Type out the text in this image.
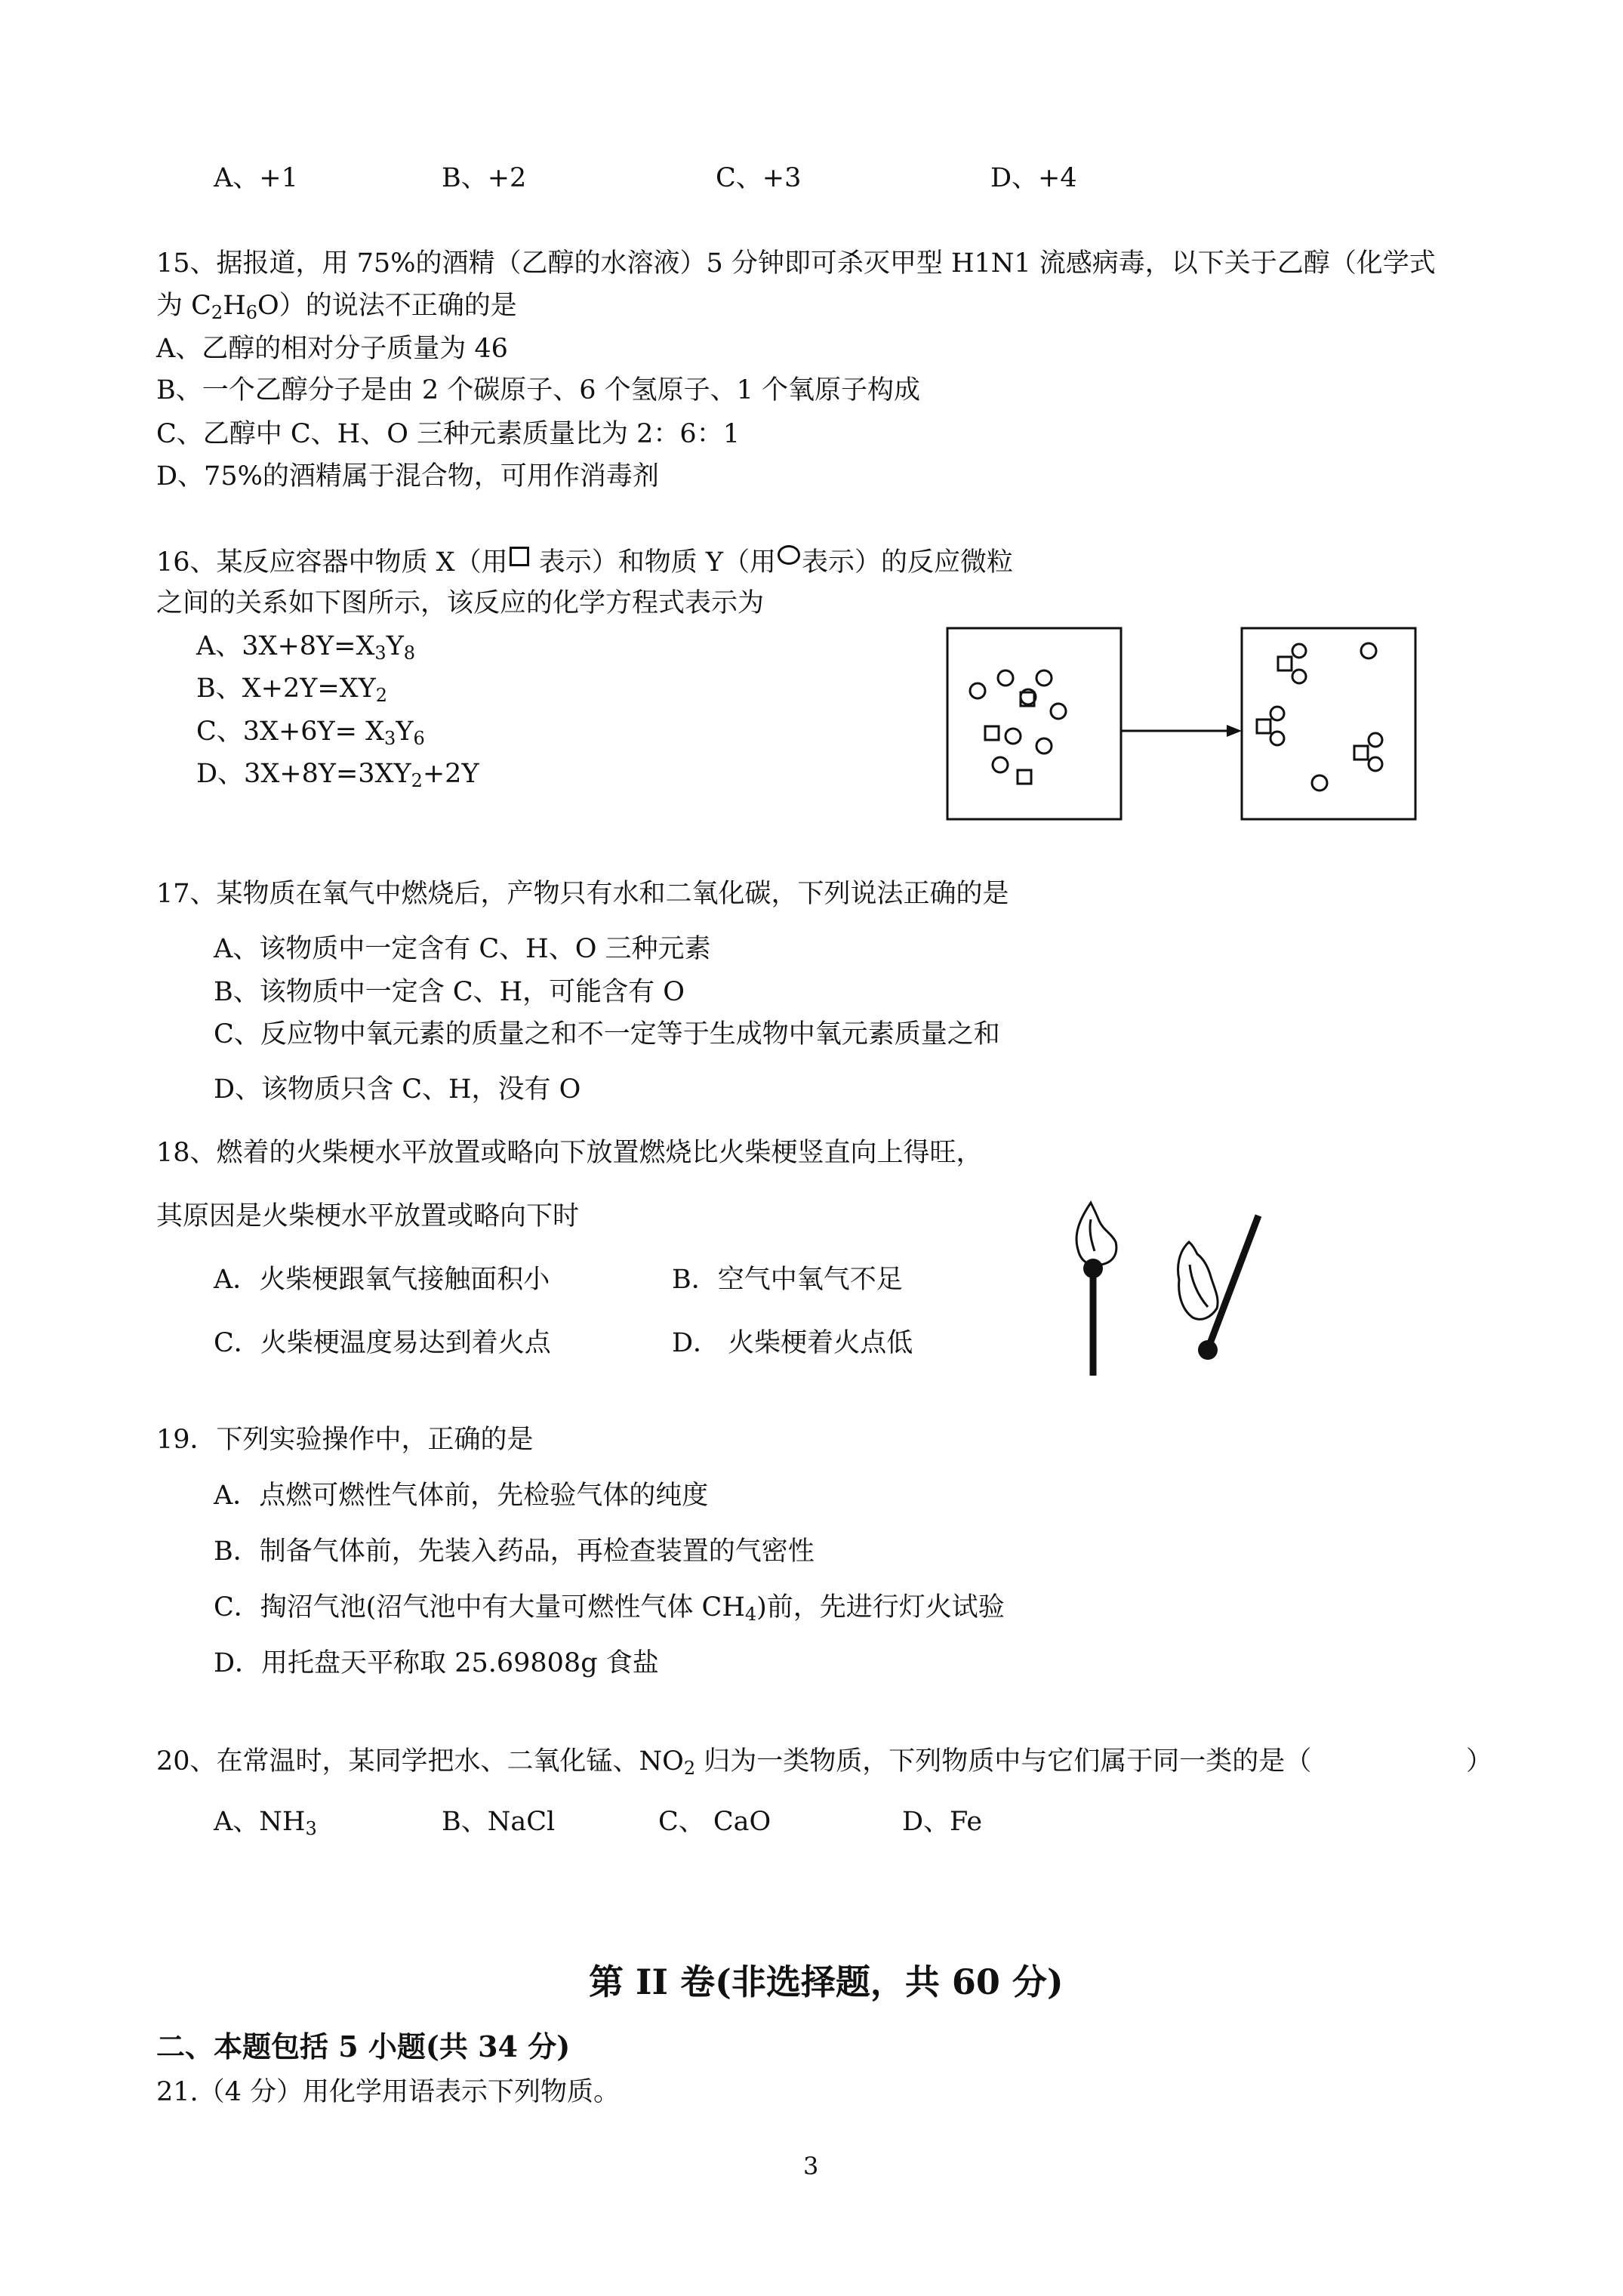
A、+1	B、+2	C、+3	D、+4
15、据报道，用 75%的酒精（乙醇的水溶液）5 分钟即可杀灭甲型 H1N1 流感病毒，以下关于乙醇（化学式
为 $C_2H_6O$）的说法不正确的是
A、乙醇的相对分子质量为 46
B、一个乙醇分子是由 2 个碳原子、6 个氢原子、1 个氧原子构成
C、乙醇中 C、H、O 三种元素质量比为 2：6：1
D、75%的酒精属于混合物，可用作消毒剂
16、某反应容器中物质 X（用 表示）和物质 Y（用 表示）的反应微粒
之间的关系如下图所示，该反应的化学方程式表示为
A、$3X+8Y=X_3Y_8$
B、$X+2Y=XY_2$
C、$3X+6Y= X_3Y_6$
D、$3X+8Y=3XY_2+2Y$
17、某物质在氧气中燃烧后，产物只有水和二氧化碳，下列说法正确的是
A、该物质中一定含有 C、H、O 三种元素
B、该物质中一定含 C、H，可能含有 O
C、反应物中氧元素的质量之和不一定等于生成物中氧元素质量之和
D、该物质只含 C、H，没有 O
18、燃着的火柴梗水平放置或略向下放置燃烧比火柴梗竖直向上得旺，
其原因是火柴梗水平放置或略向下时
A．火柴梗跟氧气接触面积小	B．空气中氧气不足
C．火柴梗温度易达到着火点	D． 火柴梗着火点低
19．下列实验操作中，正确的是
A．点燃可燃性气体前，先检验气体的纯度
B．制备气体前，先装入药品，再检查装置的气密性
C．掏沼气池(沼气池中有大量可燃性气体 $CH_4$)前，先进行灯火试验
D．用托盘天平称取 25.69808g 食盐
20、在常温时，某同学把水、二氧化锰、$NO_2$ 归为一类物质，下列物质中与它们属于同一类的是（	）
A、$NH_3$	B、NaCl	C、 CaO	D、Fe
第 II 卷(非选择题，共 60 分)
二、本题包括 5 小题(共 34 分)
21.（4 分）用化学用语表示下列物质。
3
